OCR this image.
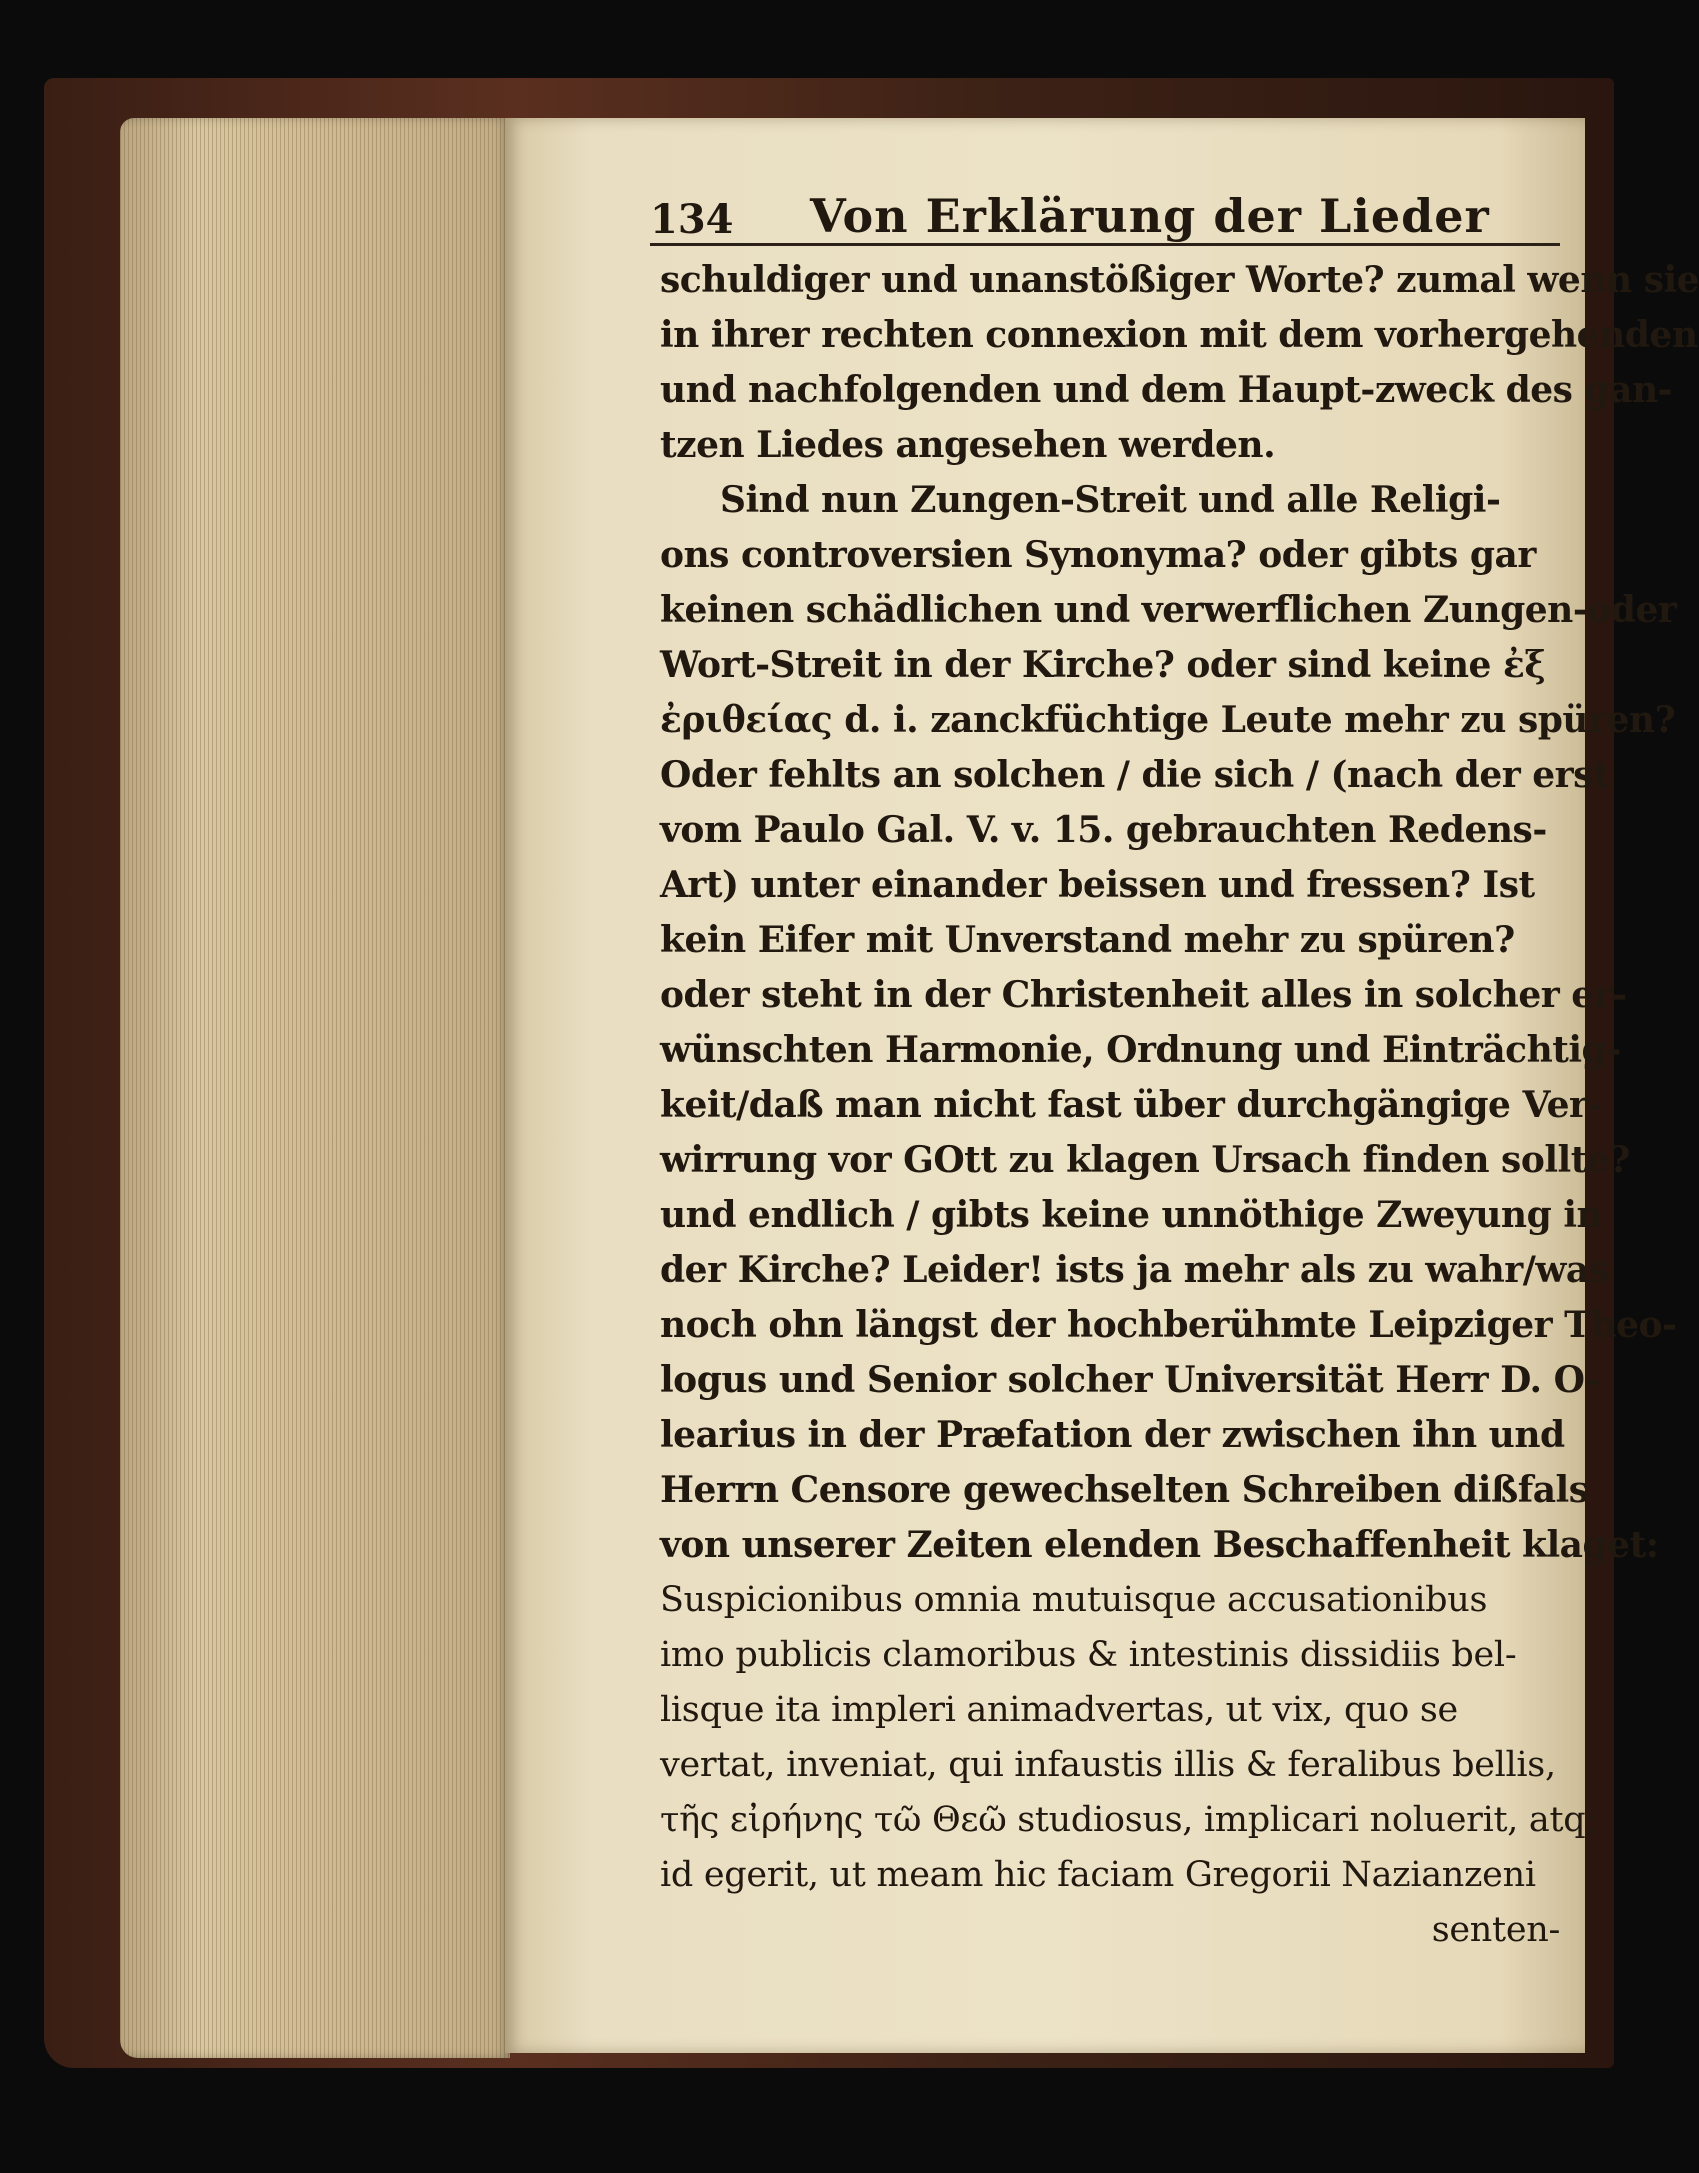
134	Von Erklärung der Lieder
schuldiger und unanstößiger Worte? zumal wenn sie
in ihrer rechten connexion mit dem vorhergehenden
und nachfolgenden und dem Haupt-zweck des gan-
tzen Liedes angesehen werden.
Sind nun Zungen-Streit und alle Religi-
ons controversien Synonyma? oder gibts gar
keinen schädlichen und verwerflichen Zungen-oder
Wort-Streit in der Kirche? oder sind keine ἐξ
ἐριθείας d. i. zanckfüchtige Leute mehr zu spüren?
Oder fehlts an solchen / die sich / (nach der erst
vom Paulo Gal. V. v. 15. gebrauchten Redens-
Art) unter einander beissen und fressen? Ist
kein Eifer mit Unverstand mehr zu spüren?
oder steht in der Christenheit alles in solcher er-
wünschten Harmonie, Ordnung und Einträchtig-
keit/daß man nicht fast über durchgängige Ver-
wirrung vor GOtt zu klagen Ursach finden sollte?
und endlich / gibts keine unnöthige Zweyung in
der Kirche? Leider! ists ja mehr als zu wahr/was
noch ohn längst der hochberühmte Leipziger Theo-
logus und Senior solcher Universität Herr D. O-
learius in der Præfation der zwischen ihn und
Herrn Censore gewechselten Schreiben dißfals
von unserer Zeiten elenden Beschaffenheit klaget:
Suspicionibus omnia mutuisque accusationibus
imo publicis clamoribus & intestinis dissidiis bel-
lisque ita impleri animadvertas, ut vix, quo se
vertat, inveniat, qui infaustis illis & feralibus bellis,
τῆς εἰρήνης τῶ Θεῶ studiosus, implicari noluerit, atq;
id egerit, ut meam hic faciam Gregorii Nazianzeni
senten-
